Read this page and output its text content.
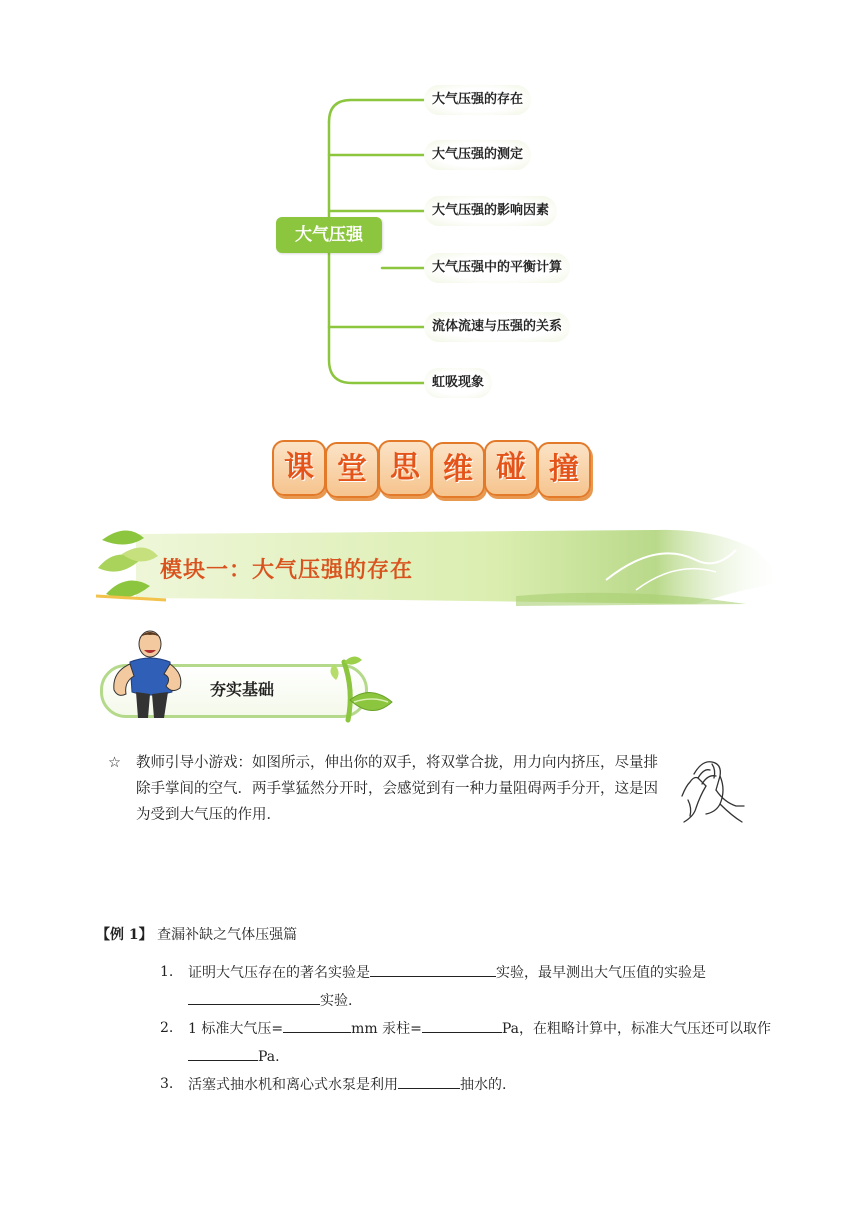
大气压强
大气压强的存在
大气压强的测定
大气压强的影响因素
大气压强中的平衡计算
流体流速与压强的关系
虹吸现象
课 堂 思 维 碰 撞
模块一：大气压强的存在
夯实基础
☆ 教师引导小游戏：如图所示，伸出你的双手，将双掌合拢，用力向内挤压，尽量排除手掌间的空气．两手掌猛然分开时，会感觉到有一种力量阻碍两手分开，这是因为受到大气压的作用．
【例 1】 查漏补缺之气体压强篇
1. 证明大气压存在的著名实验是	实验，最早测出大气压值的实验是
实验.
2. 1 标准大气压=	mm 汞柱=	Pa，在粗略计算中，标准大气压还可以取作Pa.
3. 活塞式抽水机和离心式水泵是利用	抽水的.
